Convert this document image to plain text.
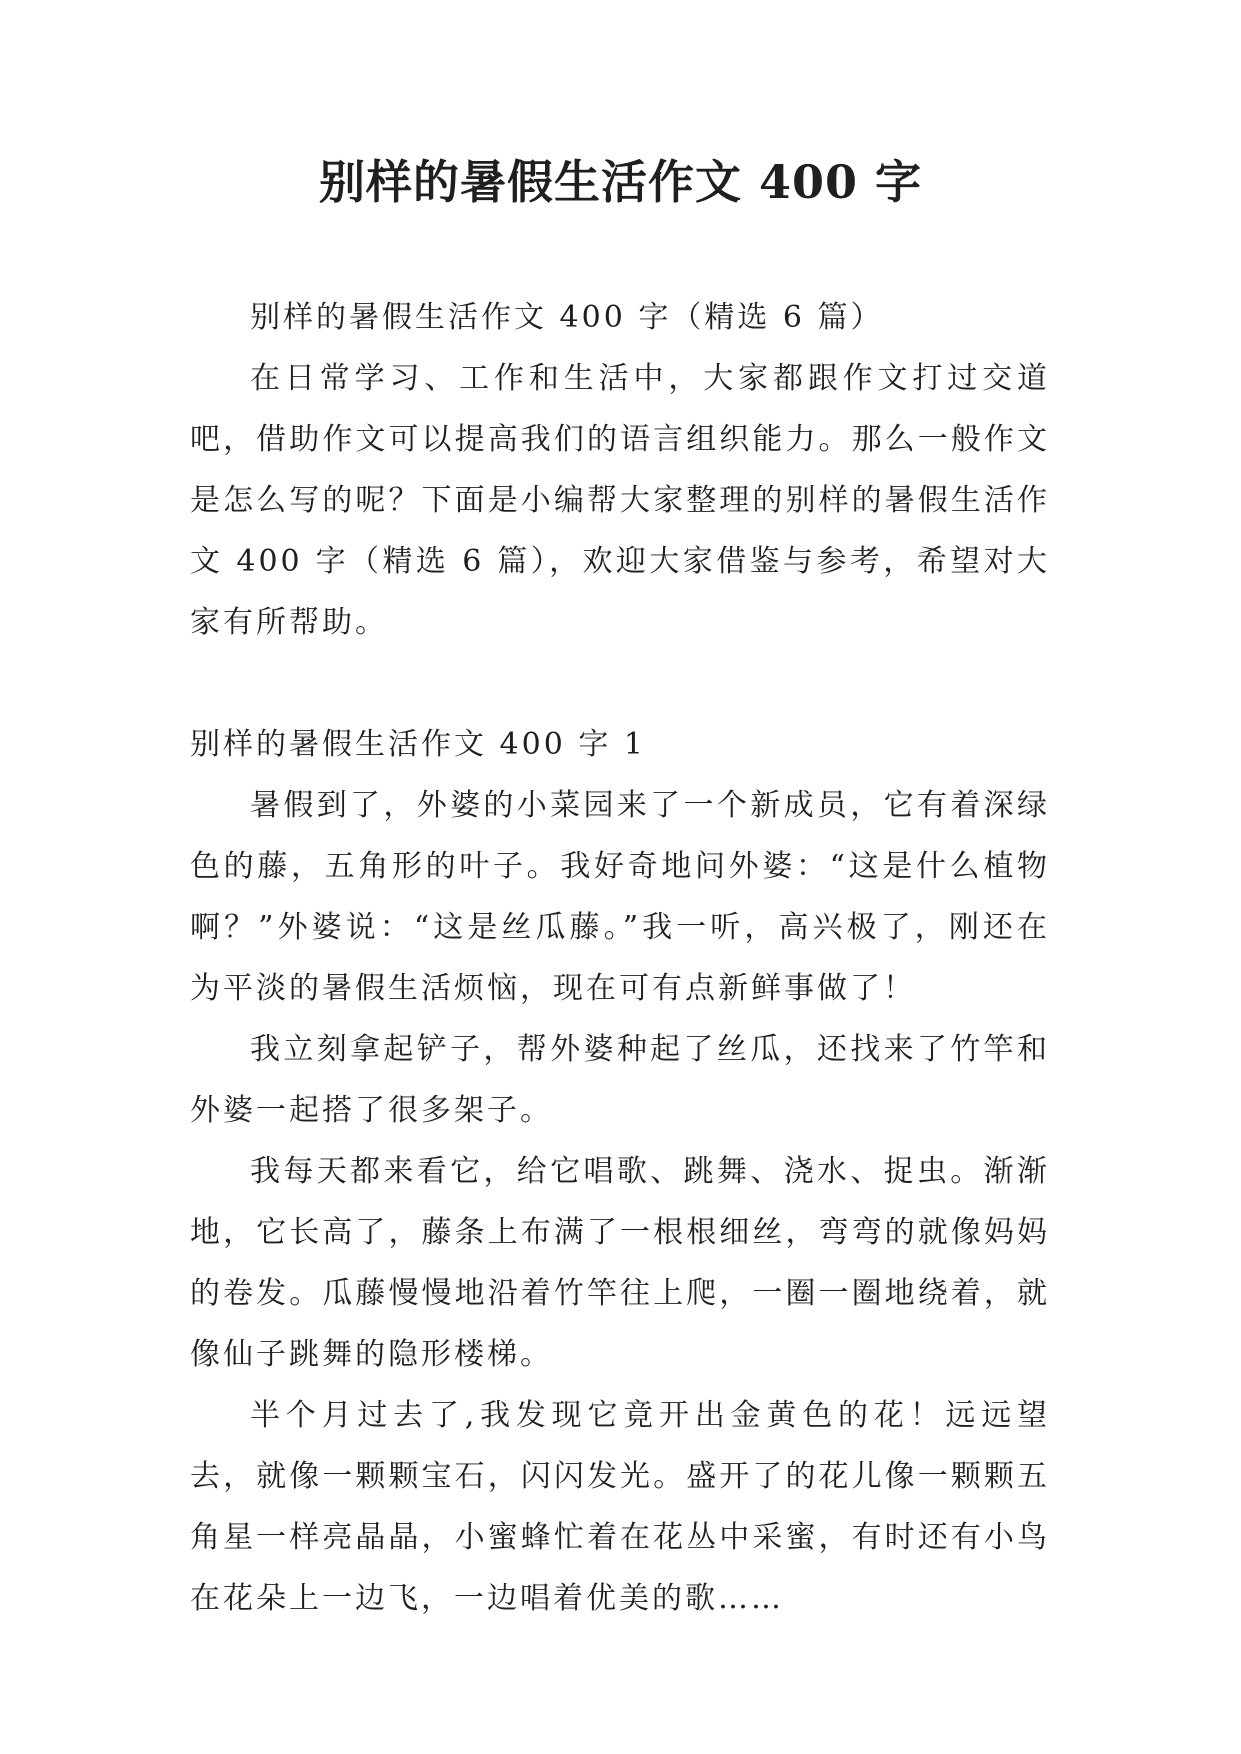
别样的暑假生活作文 400 字

别样的暑假生活作文 400 字（精选 6 篇）

在日常学习、工作和生活中，大家都跟作文打过交道吧，借助作文可以提高我们的语言组织能力。那么一般作文是怎么写的呢？下面是小编帮大家整理的别样的暑假生活作文 400 字（精选 6 篇），欢迎大家借鉴与参考，希望对大家有所帮助。

别样的暑假生活作文 400 字 1

暑假到了，外婆的小菜园来了一个新成员，它有着深绿色的藤，五角形的叶子。我好奇地问外婆：“这是什么植物啊？”外婆说：“这是丝瓜藤。”我一听，高兴极了，刚还在为平淡的暑假生活烦恼，现在可有点新鲜事做了！

我立刻拿起铲子，帮外婆种起了丝瓜，还找来了竹竿和外婆一起搭了很多架子。

我每天都来看它，给它唱歌、跳舞、浇水、捉虫。渐渐地，它长高了，藤条上布满了一根根细丝，弯弯的就像妈妈的卷发。瓜藤慢慢地沿着竹竿往上爬，一圈一圈地绕着，就像仙子跳舞的隐形楼梯。

半个月过去了,我发现它竟开出金黄色的花！远远望去，就像一颗颗宝石，闪闪发光。盛开了的花儿像一颗颗五角星一样亮晶晶，小蜜蜂忙着在花丛中采蜜，有时还有小鸟在花朵上一边飞，一边唱着优美的歌……
